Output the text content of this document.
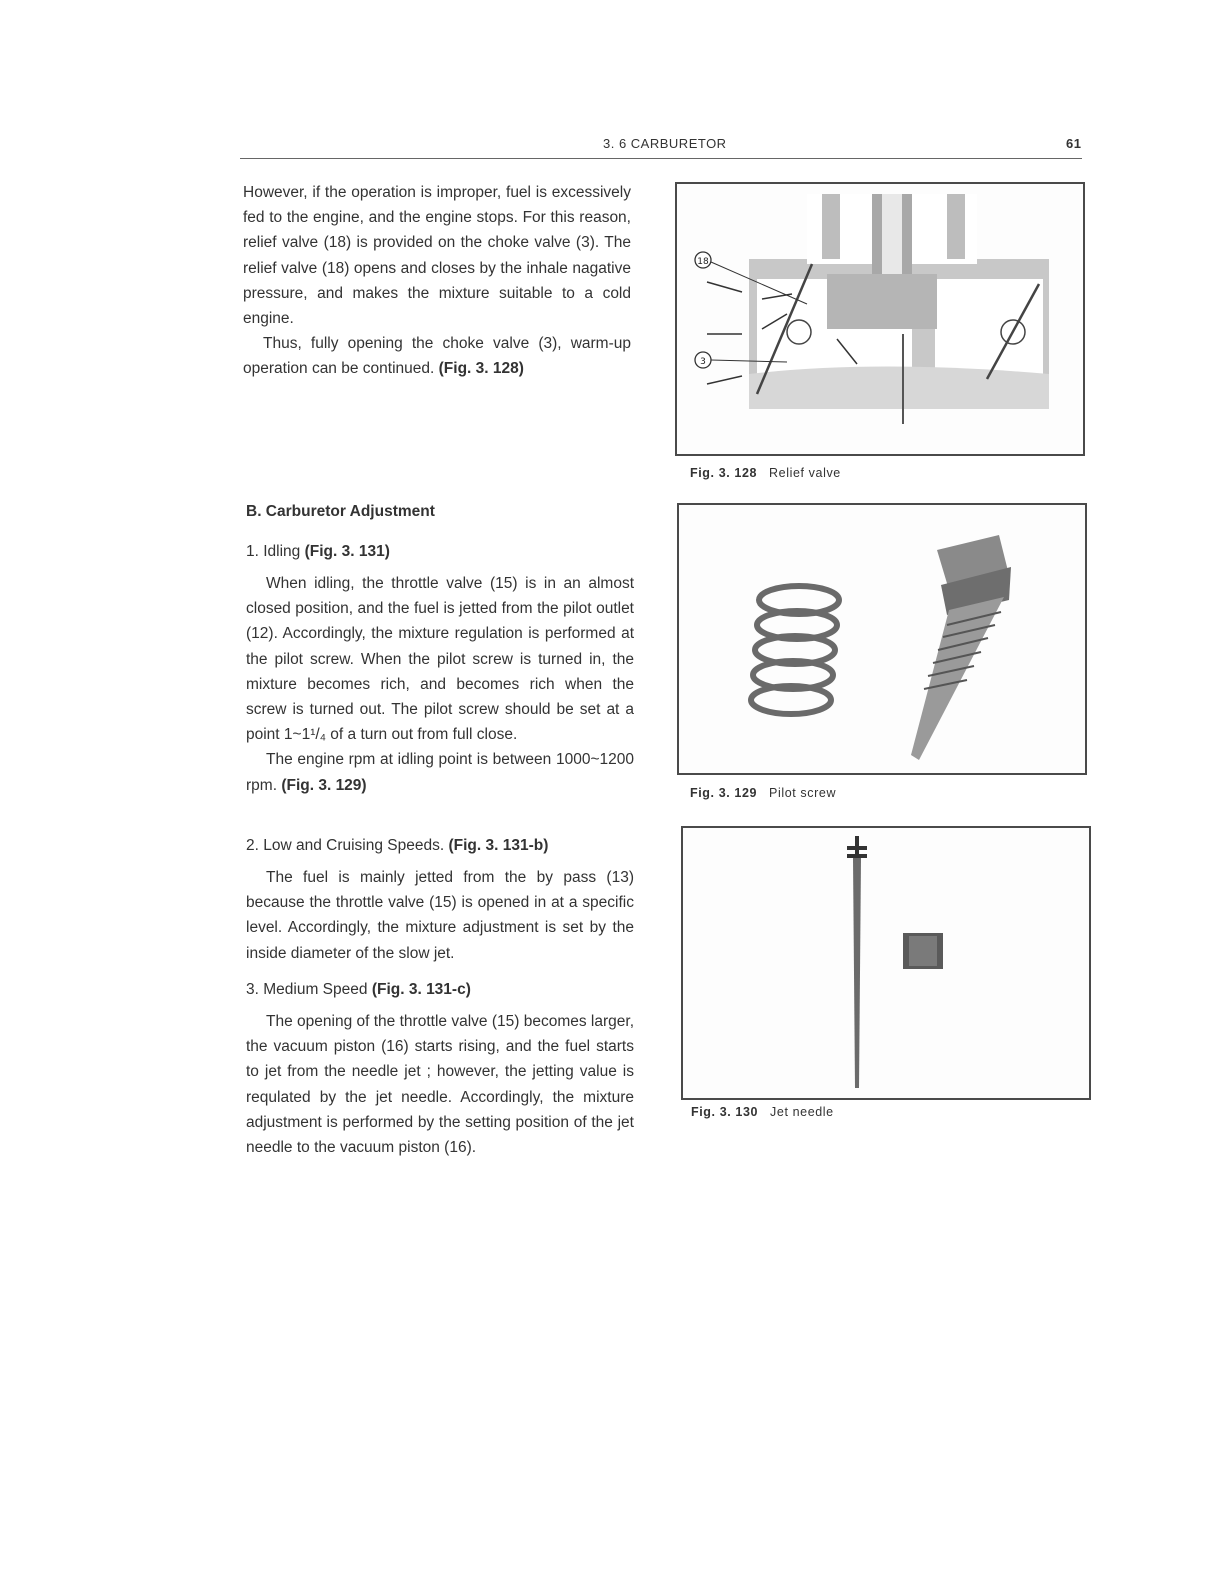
3. 6 CARBURETOR	61

However, if the operation is improper, fuel is excessively fed to the engine, and the engine stops. For this reason, relief valve (18) is provided on the choke valve (3). The relief valve (18) opens and closes by the inhale nagative pressure, and makes the mixture suitable to a cold engine.

Thus, fully opening the choke valve (3), warm-up operation can be continued. (Fig. 3. 128)

B. Carburetor Adjustment
1. Idling (Fig. 3. 131)

When idling, the throttle valve (15) is in an almost closed position, and the fuel is jetted from the pilot outlet (12). Accordingly, the mixture regulation is performed at the pilot screw. When the pilot screw is turned in, the mixture becomes rich, and becomes rich when the screw is turned out. The pilot screw should be set at a point 1~1¹/₄ of a turn out from full close.

The engine rpm at idling point is between 1000~1200 rpm. (Fig. 3. 129)

2. Low and Cruising Speeds. (Fig. 3. 131-b)

The fuel is mainly jetted from the by pass (13) because the throttle valve (15) is opened in at a specific level. Accordingly, the mixture adjustment is set by the inside diameter of the slow jet.

3. Medium Speed (Fig. 3. 131-c)

The opening of the throttle valve (15) becomes larger, the vacuum piston (16) starts rising, and the fuel starts to jet from the needle jet ; however, the jetting value is requlated by the jet needle. Accordingly, the mixture adjustment is performed by the setting position of the jet needle to the vacuum piston (16).

18
3
Fig. 3. 128 Relief valve
Fig. 3. 129 Pilot screw
Fig. 3. 130 Jet needle
